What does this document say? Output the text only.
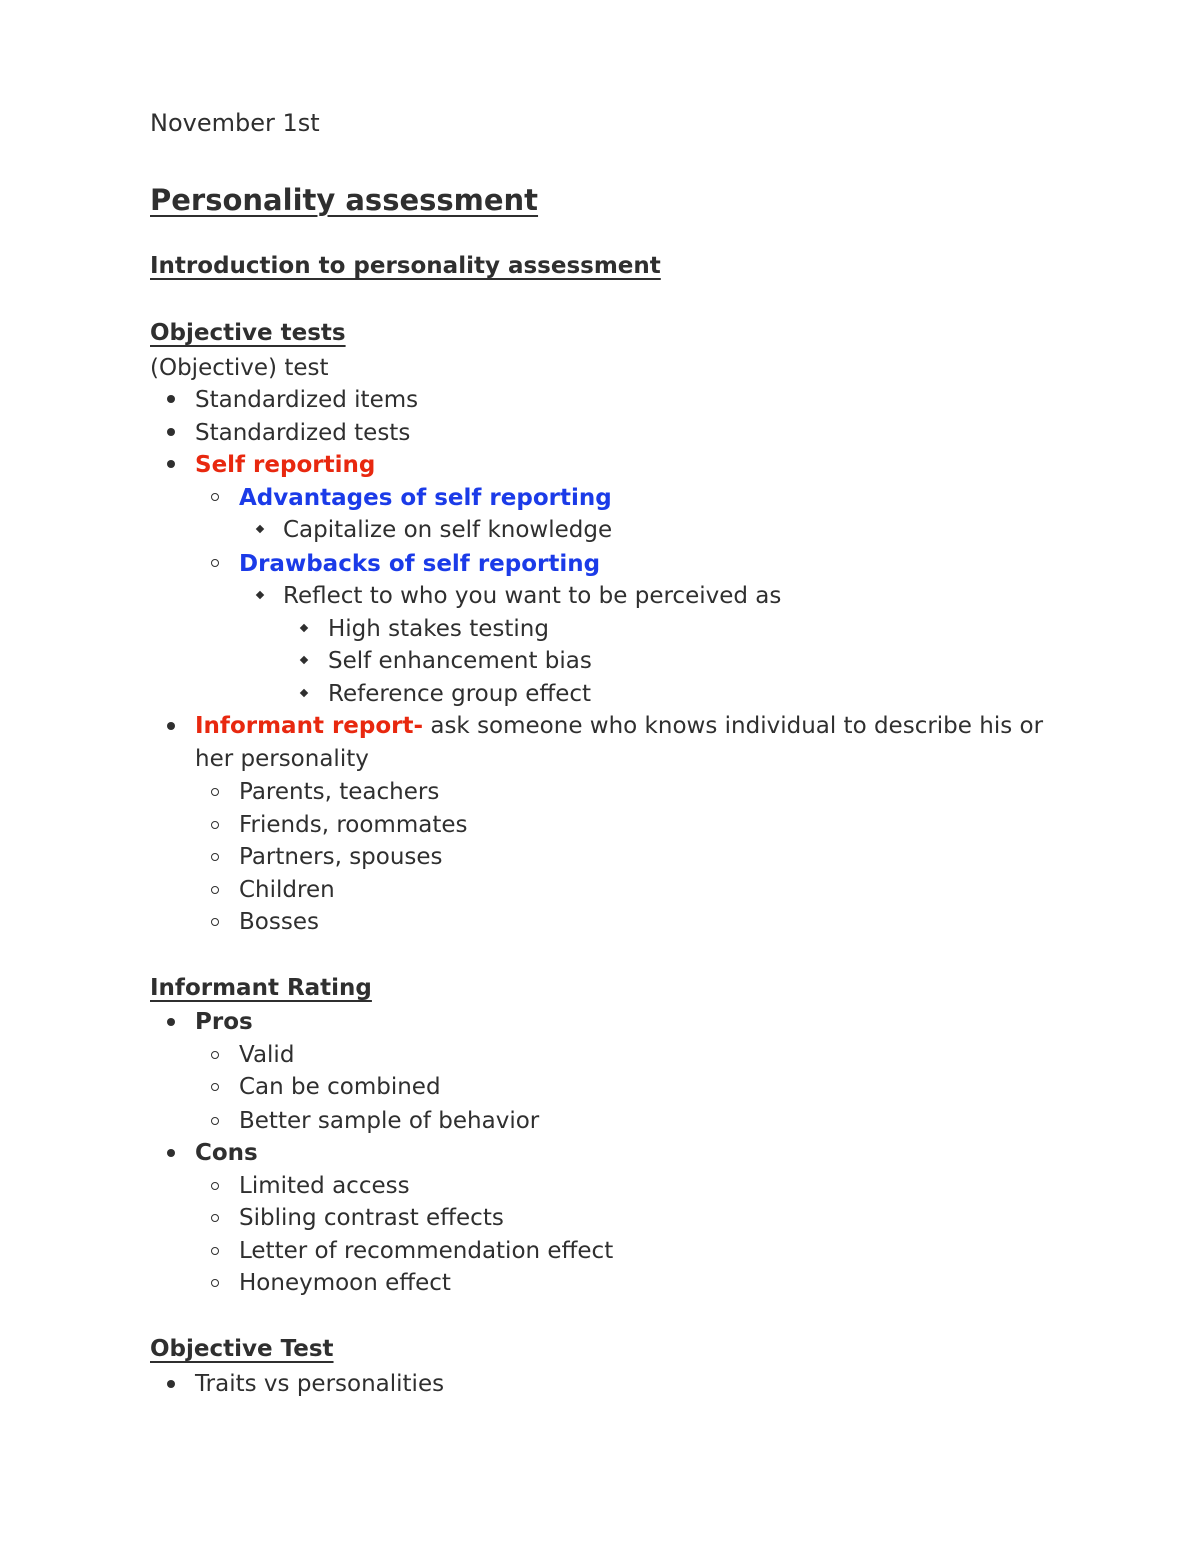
November 1st
Personality assessment
Introduction to personality assessment
Objective tests
(Objective) test
Standardized items
Standardized tests
Self reporting
Advantages of self reporting
Capitalize on self knowledge
Drawbacks of self reporting
Reflect to who you want to be perceived as
High stakes testing
Self enhancement bias
Reference group effect
Informant report- ask someone who knows individual to describe his or
her personality
Parents, teachers
Friends, roommates
Partners, spouses
Children
Bosses
Informant Rating
Pros
Valid
Can be combined
Better sample of behavior
Cons
Limited access
Sibling contrast effects
Letter of recommendation effect
Honeymoon effect
Objective Test
Traits vs personalities
